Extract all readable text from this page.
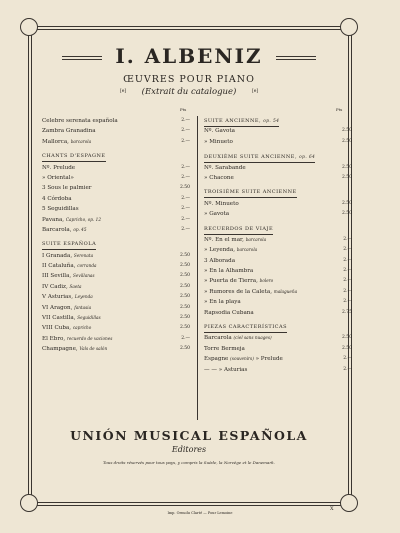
I. ALBENIZ
ŒUVRES POUR PIANO
(Extrait du catalogue)
[e]	[e]
Pts	Pts
Celebre serenata española	2.—
Zambra Granadina	2.—
Mallorca, barcarola	2.—
CHANTS D'ESPAGNE
Nº. Prelude	2.—
» Oriental»	2.—
3 Sous le palmier	2.50
4 Córdoba	2.—
5 Seguidillas	2.—
Pavana, Capricho, op. 12	2.—
Barcarola, op. 45	2.—
SUITE ESPAÑOLA
I Granada, Serenata	2.50
II Cataluña, corranda	2.50
III Sevilla, Sevillanas	2.50
IV Cadiz, Saeta	2.50
V Asturias, Leyenda	2.50
VI Aragon, fantasia	2.50
VII Castilla, Seguidillas	2.50
VIII Cuba, capricho	2.50
El Ebro, recuerdo de vaciones	2.—
Champagne, Vals de salón	2.50
SUITE ANCIENNE, op. 54
Nº. Gavota	2.50
» Minueto	2.50
DEUXIÈME SUITE ANCIENNE, op. 64
Nº. Sarabande	2.50
» Chacone	2.50
TROISIÈME SUITE ANCIENNE
Nº. Minueto	2.50
» Gavota	2.50
RECUERDOS DE VIAJE
Nº. En el mar, barcarola	2.—
» Leyenda, barcarola	2.—
3 Alborada	2.—
» En la Alhambra	2.—
» Puerta de Tierra, bolero	2.—
» Rumores de la Caleta, malagueña	2.—
» En la playa	2.—
Rapsodia Cubana	2.75
PIEZAS CARACTERÍSTICAS
Barcarola (ciel sans nuages)	2.50
Torre Bermeja	2.50
Espagne (souvenirs) » Prelude	2.—
— — » Asturias	2.—
UNIÓN MUSICAL ESPAÑOLA
Editores
Tous droits réservés pour tous pays, y compris la Suède, la Norvège et le Danemark.
Imp. Ormolu Clarté — Pour Lemoine
X
